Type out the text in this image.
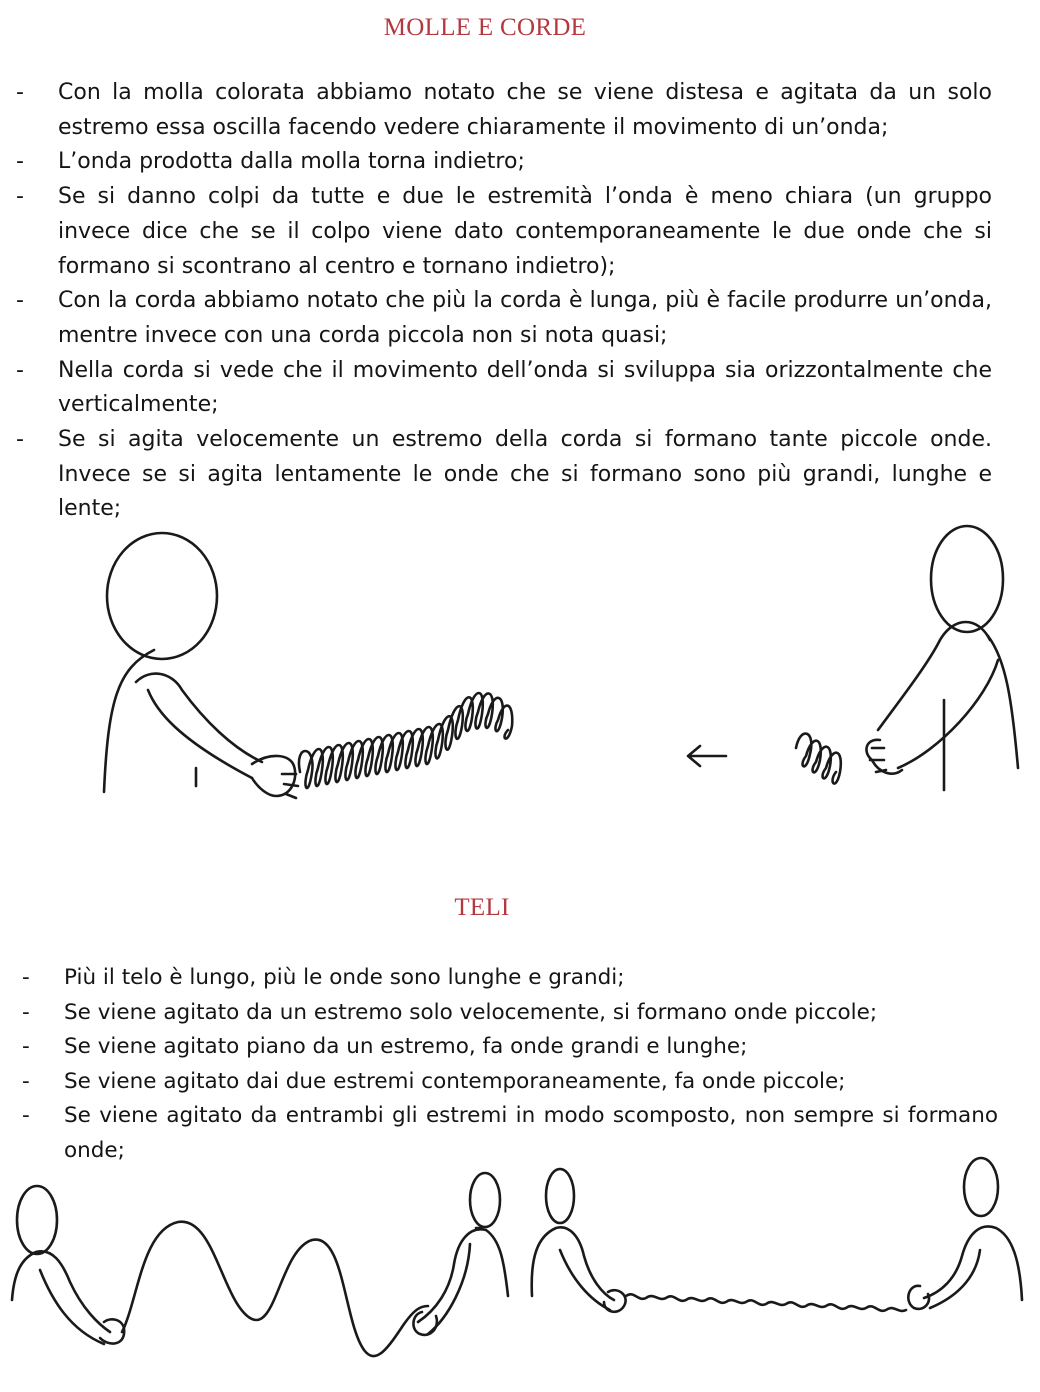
MOLLE E CORDE
-	Con la molla colorata abbiamo notato che se viene distesa e agitata da un solo estremo essa oscilla facendo vedere chiaramente il movimento di un’onda;
-	L’onda prodotta dalla molla torna indietro;
-	Se si danno colpi da tutte e due le estremità l’onda è meno chiara (un gruppo invece dice che se il colpo viene dato contemporaneamente le due onde che si formano si scontrano al centro e tornano indietro);
-	Con la corda abbiamo notato che più la corda è lunga, più è facile produrre un’onda, mentre invece con una corda piccola non si nota quasi;
-	Nella corda si vede che il movimento dell’onda si sviluppa sia orizzontalmente che verticalmente;
-	Se si agita velocemente un estremo della corda si formano tante piccole onde. Invece se si agita lentamente le onde che si formano sono più grandi, lunghe e lente;
TELI
-	Più il telo è lungo, più le onde sono lunghe e grandi;
-	Se viene agitato da un estremo solo velocemente, si formano onde piccole;
-	Se viene agitato piano da un estremo, fa onde grandi e lunghe;
-	Se viene agitato dai due estremi contemporaneamente, fa onde piccole;
-	Se viene agitato da entrambi gli estremi in modo scomposto, non sempre si formano onde;
